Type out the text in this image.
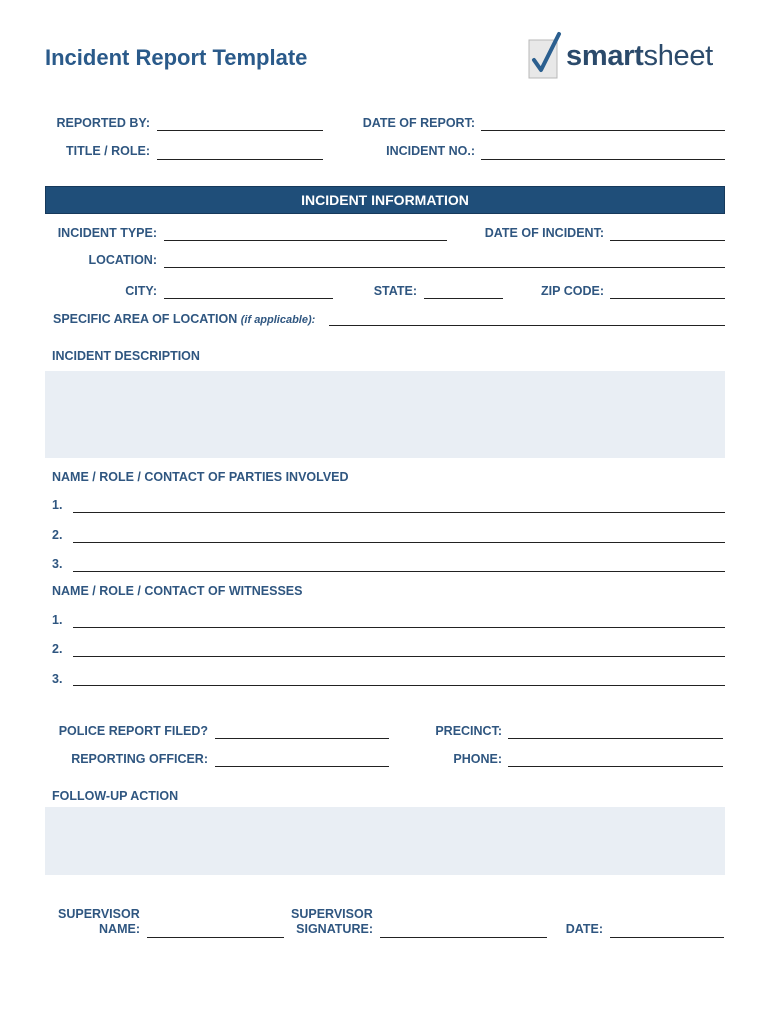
Incident Report Template	smartsheet
REPORTED BY:	DATE OF REPORT:
TITLE / ROLE:	INCIDENT NO.:
INCIDENT INFORMATION
INCIDENT TYPE:	DATE OF INCIDENT:
LOCATION:
CITY:	STATE:	ZIP CODE:
SPECIFIC AREA OF LOCATION (if applicable):
INCIDENT DESCRIPTION
NAME / ROLE / CONTACT OF PARTIES INVOLVED
1.
2.
3.
NAME / ROLE / CONTACT OF WITNESSES
1.
2.
3.
POLICE REPORT FILED?	PRECINCT:
REPORTING OFFICER:	PHONE:
FOLLOW-UP ACTION
SUPERVISOR
NAME:
SUPERVISOR
SIGNATURE:	DATE:
